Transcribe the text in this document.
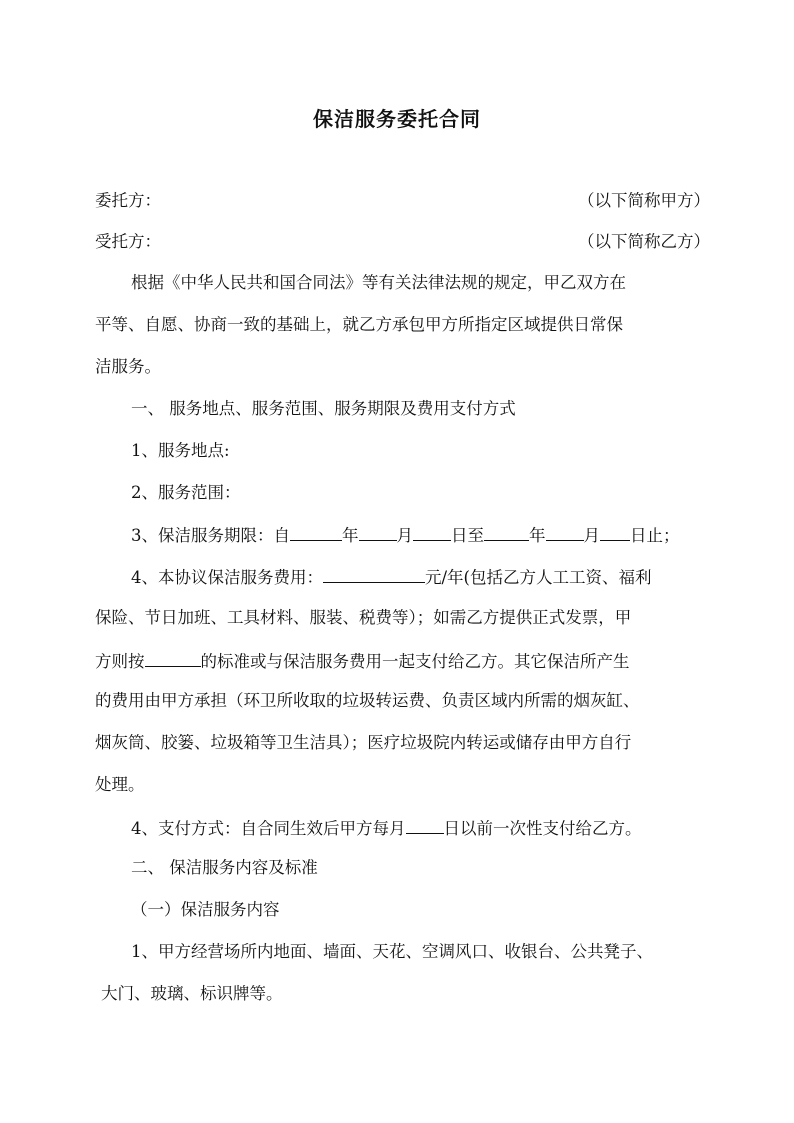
保洁服务委托合同
委托方：	（以下简称甲方）
受托方：	（以下简称乙方）
根据《中华人民共和国合同法》等有关法律法规的规定，甲乙双方在
平等、自愿、协商一致的基础上，就乙方承包甲方所指定区域提供日常保
洁服务。
一、 服务地点、服务范围、服务期限及费用支付方式
1、服务地点:
2、服务范围：
3、保洁服务期限：自	年 月 日至	年 月 日止；
4、本协议保洁服务费用：	元/年(包括乙方人工工资、福利
保险、节日加班、工具材料、服装、税费等）；如需乙方提供正式发票，甲
方则按	的标准或与保洁服务费用一起支付给乙方。其它保洁所产生
的费用由甲方承担（环卫所收取的垃圾转运费、负责区域内所需的烟灰缸、
烟灰筒、胶篓、垃圾箱等卫生洁具）；医疗垃圾院内转运或储存由甲方自行
处理。
4、支付方式：自合同生效后甲方每月 日以前一次性支付给乙方。
二、 保洁服务内容及标准
（一）保洁服务内容
1、甲方经营场所内地面、墙面、天花、空调风口、收银台、公共凳子、
大门、玻璃、标识牌等。
